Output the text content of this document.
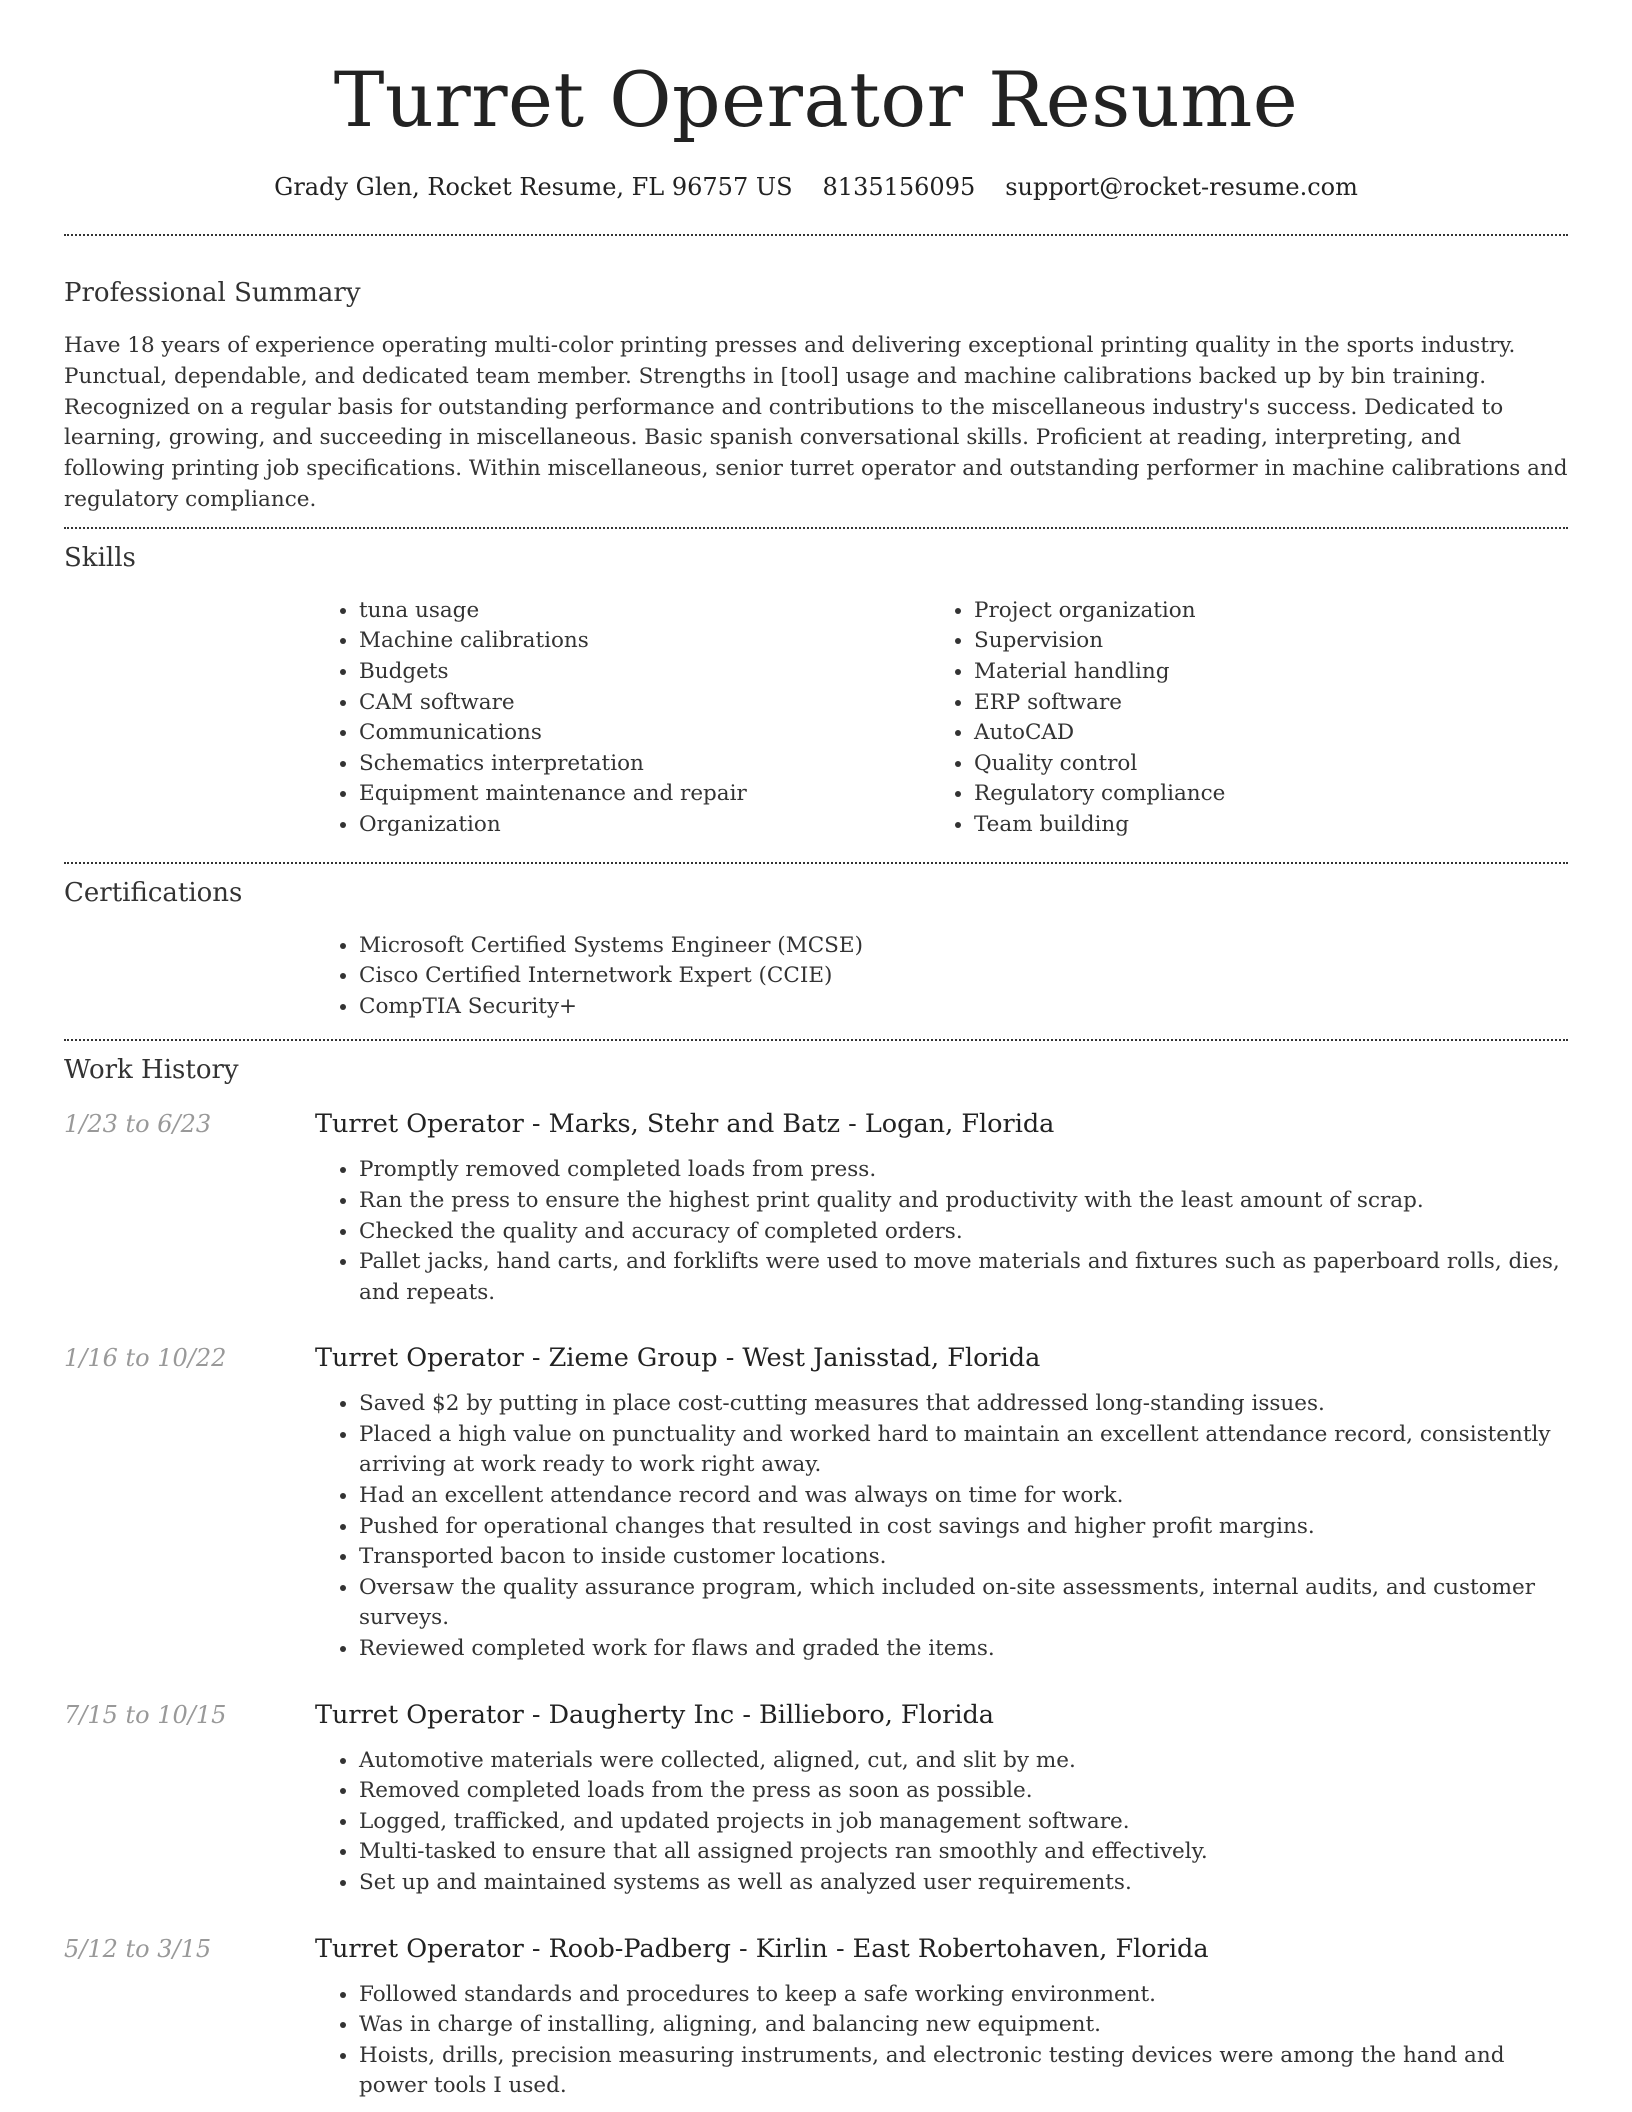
Turret Operator Resume
Grady Glen, Rocket Resume, FL 96757 US 8135156095 support@rocket-resume.com
Professional Summary

Have 18 years of experience operating multi-color printing presses and delivering exceptional printing quality in the sports industry. Punctual, dependable, and dedicated team member. Strengths in [tool] usage and machine calibrations backed up by bin training. Recognized on a regular basis for outstanding performance and contributions to the miscellaneous industry's success. Dedicated to learning, growing, and succeeding in miscellaneous. Basic spanish conversational skills. Proficient at reading, interpreting, and following printing job specifications. Within miscellaneous, senior turret operator and outstanding performer in machine calibrations and regulatory compliance.

Skills
• tuna usage
• Machine calibrations
• Budgets
• CAM software
• Communications
• Schematics interpretation
• Equipment maintenance and repair
• Organization
• Project organization
• Supervision
• Material handling
• ERP software
• AutoCAD
• Quality control
• Regulatory compliance
• Team building
Certifications
• Microsoft Certified Systems Engineer (MCSE)
• Cisco Certified Internetwork Expert (CCIE)
• CompTIA Security+
Work History
1/23 to 6/23	Turret Operator - Marks, Stehr and Batz - Logan, Florida
• Promptly removed completed loads from press.
• Ran the press to ensure the highest print quality and productivity with the least amount of scrap.
• Checked the quality and accuracy of completed orders.
• Pallet jacks, hand carts, and forklifts were used to move materials and fixtures such as paperboard rolls, dies, and repeats.
1/16 to 10/22	Turret Operator - Zieme Group - West Janisstad, Florida
• Saved $2 by putting in place cost-cutting measures that addressed long-standing issues.
• Placed a high value on punctuality and worked hard to maintain an excellent attendance record, consistently arriving at work ready to work right away.
• Had an excellent attendance record and was always on time for work.
• Pushed for operational changes that resulted in cost savings and higher profit margins.
• Transported bacon to inside customer locations.
• Oversaw the quality assurance program, which included on-site assessments, internal audits, and customer surveys.
• Reviewed completed work for flaws and graded the items.
7/15 to 10/15	Turret Operator - Daugherty Inc - Billieboro, Florida
• Automotive materials were collected, aligned, cut, and slit by me.
• Removed completed loads from the press as soon as possible.
• Logged, trafficked, and updated projects in job management software.
• Multi-tasked to ensure that all assigned projects ran smoothly and effectively.
• Set up and maintained systems as well as analyzed user requirements.
5/12 to 3/15	Turret Operator - Roob-Padberg - Kirlin - East Robertohaven, Florida
• Followed standards and procedures to keep a safe working environment.
• Was in charge of installing, aligning, and balancing new equipment.
• Hoists, drills, precision measuring instruments, and electronic testing devices were among the hand and power tools I used.
